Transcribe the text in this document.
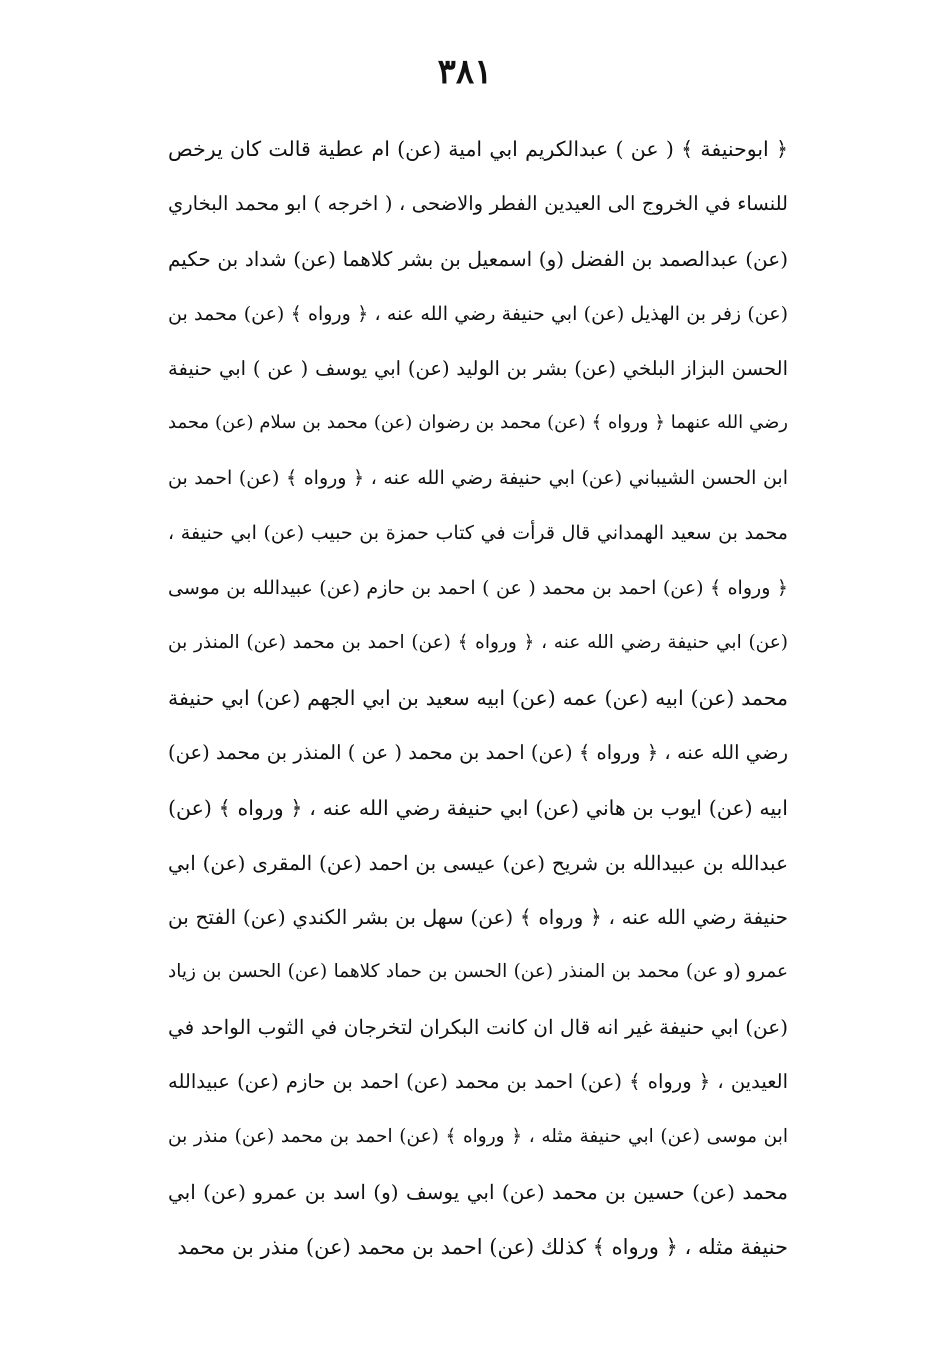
٣٨١
﴿ ابوحنيفة ﴾ ( عن ) عبدالكريم ابي امية (عن) ام عطية قالت كان يرخص
للنساء في الخروج الى العيدين الفطر والاضحى ، ( اخرجه ) ابو محمد البخاري
(عن) عبدالصمد بن الفضل (و) اسمعيل بن بشر كلاهما (عن) شداد بن حكيم
(عن) زفر بن الهذيل (عن) ابي حنيفة رضي الله عنه ، ﴿ ورواه ﴾ (عن) محمد بن
الحسن البزاز البلخي (عن) بشر بن الوليد (عن) ابي يوسف ( عن ) ابي حنيفة
رضي الله عنهما ﴿ ورواه ﴾ (عن) محمد بن رضوان (عن) محمد بن سلام (عن) محمد
ابن الحسن الشيباني (عن) ابي حنيفة رضي الله عنه ، ﴿ ورواه ﴾ (عن) احمد بن
محمد بن سعيد الهمداني قال قرأت في كتاب حمزة بن حبيب (عن) ابي حنيفة ،
﴿ ورواه ﴾ (عن) احمد بن محمد ( عن ) احمد بن حازم (عن) عبيدالله بن موسى
(عن) ابي حنيفة رضي الله عنه ، ﴿ ورواه ﴾ (عن) احمد بن محمد (عن) المنذر بن
محمد (عن) ابيه (عن) عمه (عن) ابيه سعيد بن ابي الجهم (عن) ابي حنيفة
رضي الله عنه ، ﴿ ورواه ﴾ (عن) احمد بن محمد ( عن ) المنذر بن محمد (عن)
ابيه (عن) ايوب بن هاني (عن) ابي حنيفة رضي الله عنه ، ﴿ ورواه ﴾ (عن)
عبدالله بن عبيدالله بن شريح (عن) عيسى بن احمد (عن) المقرى (عن) ابي
حنيفة رضي الله عنه ، ﴿ ورواه ﴾ (عن) سهل بن بشر الكندي (عن) الفتح بن
عمرو (و عن) محمد بن المنذر (عن) الحسن بن حماد كلاهما (عن) الحسن بن زياد
(عن) ابي حنيفة غير انه قال ان كانت البكران لتخرجان في الثوب الواحد في
العيدين ، ﴿ ورواه ﴾ (عن) احمد بن محمد (عن) احمد بن حازم (عن) عبيدالله
ابن موسى (عن) ابي حنيفة مثله ، ﴿ ورواه ﴾ (عن) احمد بن محمد (عن) منذر بن
محمد (عن) حسين بن محمد (عن) ابي يوسف (و) اسد بن عمرو (عن) ابي
حنيفة مثله ، ﴿ ورواه ﴾ كذلك (عن) احمد بن محمد (عن) منذر بن محمد
